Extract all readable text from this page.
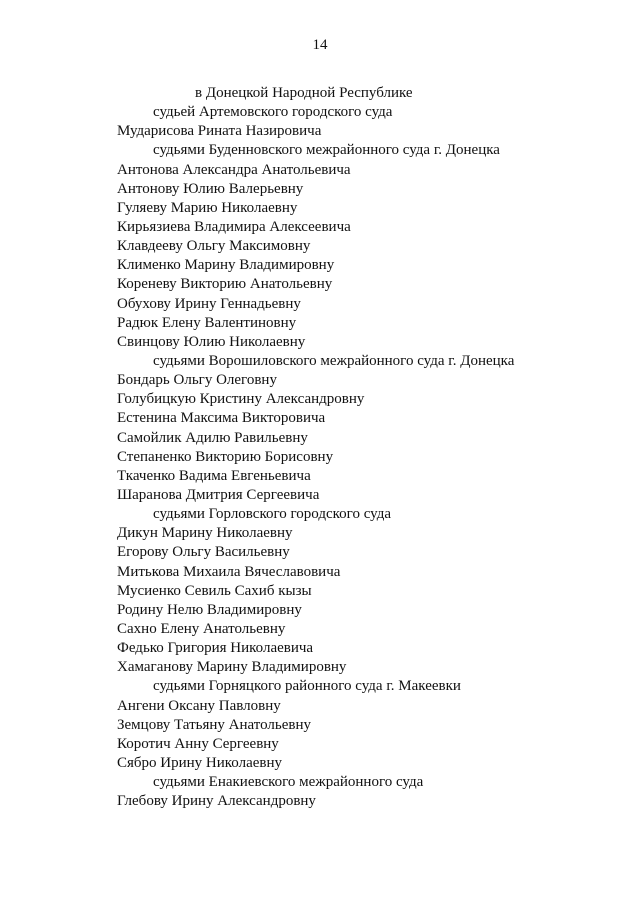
14
в Донецкой Народной Республике
судьей Артемовского городского суда
Мударисова Рината Назировича
судьями Буденновского межрайонного суда г. Донецка
Антонова Александра Анатольевича
Антонову Юлию Валерьевну
Гуляеву Марию Николаевну
Кирьязиева Владимира Алексеевича
Клавдееву Ольгу Максимовну
Клименко Марину Владимировну
Кореневу Викторию Анатольевну
Обухову Ирину Геннадьевну
Радюк Елену Валентиновну
Свинцову Юлию Николаевну
судьями Ворошиловского межрайонного суда г. Донецка
Бондарь Ольгу Олеговну
Голубицкую Кристину Александровну
Естенина Максима Викторовича
Самойлик Адилю Равильевну
Степаненко Викторию Борисовну
Ткаченко Вадима Евгеньевича
Шаранова Дмитрия Сергеевича
судьями Горловского городского суда
Дикун Марину Николаевну
Егорову Ольгу Васильевну
Митькова Михаила Вячеславовича
Мусиенко Севиль Сахиб кызы
Родину Нелю Владимировну
Сахно Елену Анатольевну
Федько Григория Николаевича
Хамаганову Марину Владимировну
судьями Горняцкого районного суда г. Макеевки
Ангени Оксану Павловну
Земцову Татьяну Анатольевну
Коротич Анну Сергеевну
Сябро Ирину Николаевну
судьями Енакиевского межрайонного суда
Глебову Ирину Александровну
